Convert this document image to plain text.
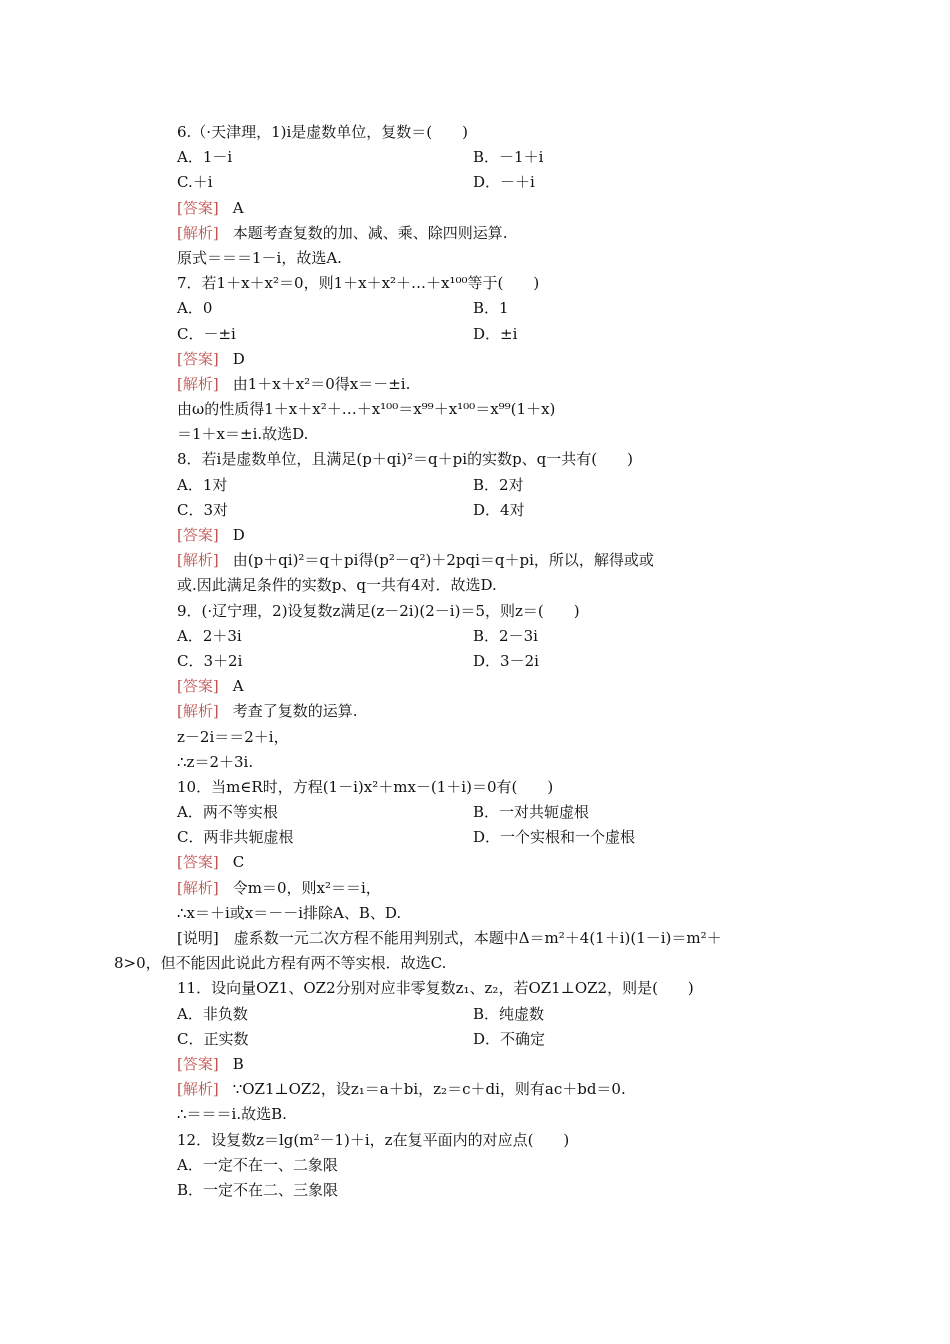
6.（·天津理，1)i是虚数单位，复数＝(　　)
A．1－i	B．－1＋i
C.＋i	D．－＋i
[答案] A
[解析] 本题考查复数的加、减、乘、除四则运算.
原式＝＝＝1－i，故选A.
7．若1＋x＋x²＝0，则1＋x＋x²＋…＋x¹⁰⁰等于(　　)
A．0	B．1
C．－±i	D．±i
[答案] D
[解析] 由1＋x＋x²＝0得x＝－±i.
由ω的性质得1＋x＋x²＋…＋x¹⁰⁰＝x⁹⁹＋x¹⁰⁰＝x⁹⁹(1＋x)
＝1＋x＝±i.故选D.
8．若i是虚数单位，且满足(p＋qi)²＝q＋pi的实数p、q一共有(　　)
A．1对	B．2对
C．3对	D．4对
[答案] D
[解析] 由(p＋qi)²＝q＋pi得(p²－q²)＋2pqi＝q＋pi，所以，解得或或
或.因此满足条件的实数p、q一共有4对．故选D.
9．(·辽宁理，2)设复数z满足(z－2i)(2－i)＝5，则z＝(　　)
A．2＋3i	B．2－3i
C．3＋2i	D．3－2i
[答案] A
[解析] 考查了复数的运算.
z－2i＝＝2＋i，
∴z＝2＋3i.
10．当m∈R时，方程(1－i)x²＋mx－(1＋i)＝0有(　　)
A．两不等实根	B．一对共轭虚根
C．两非共轭虚根	D．一个实根和一个虚根
[答案] C
[解析] 令m＝0，则x²＝＝i，
∴x＝＋i或x＝－－i排除A、B、D.
[说明]　虚系数一元二次方程不能用判别式，本题中Δ＝m²＋4(1＋i)(1－i)＝m²＋
8>0，但不能因此说此方程有两不等实根．故选C.
11．设向量OZ1、OZ2分别对应非零复数z₁、z₂，若OZ1⊥OZ2，则是(　　)
A．非负数	B．纯虚数
C．正实数	D．不确定
[答案] B
[解析] ∵OZ1⊥OZ2，设z₁＝a＋bi，z₂＝c＋di，则有ac＋bd＝0.
∴＝＝＝i.故选B.
12．设复数z＝lg(m²－1)＋i，z在复平面内的对应点(　　)
A．一定不在一、二象限
B．一定不在二、三象限
